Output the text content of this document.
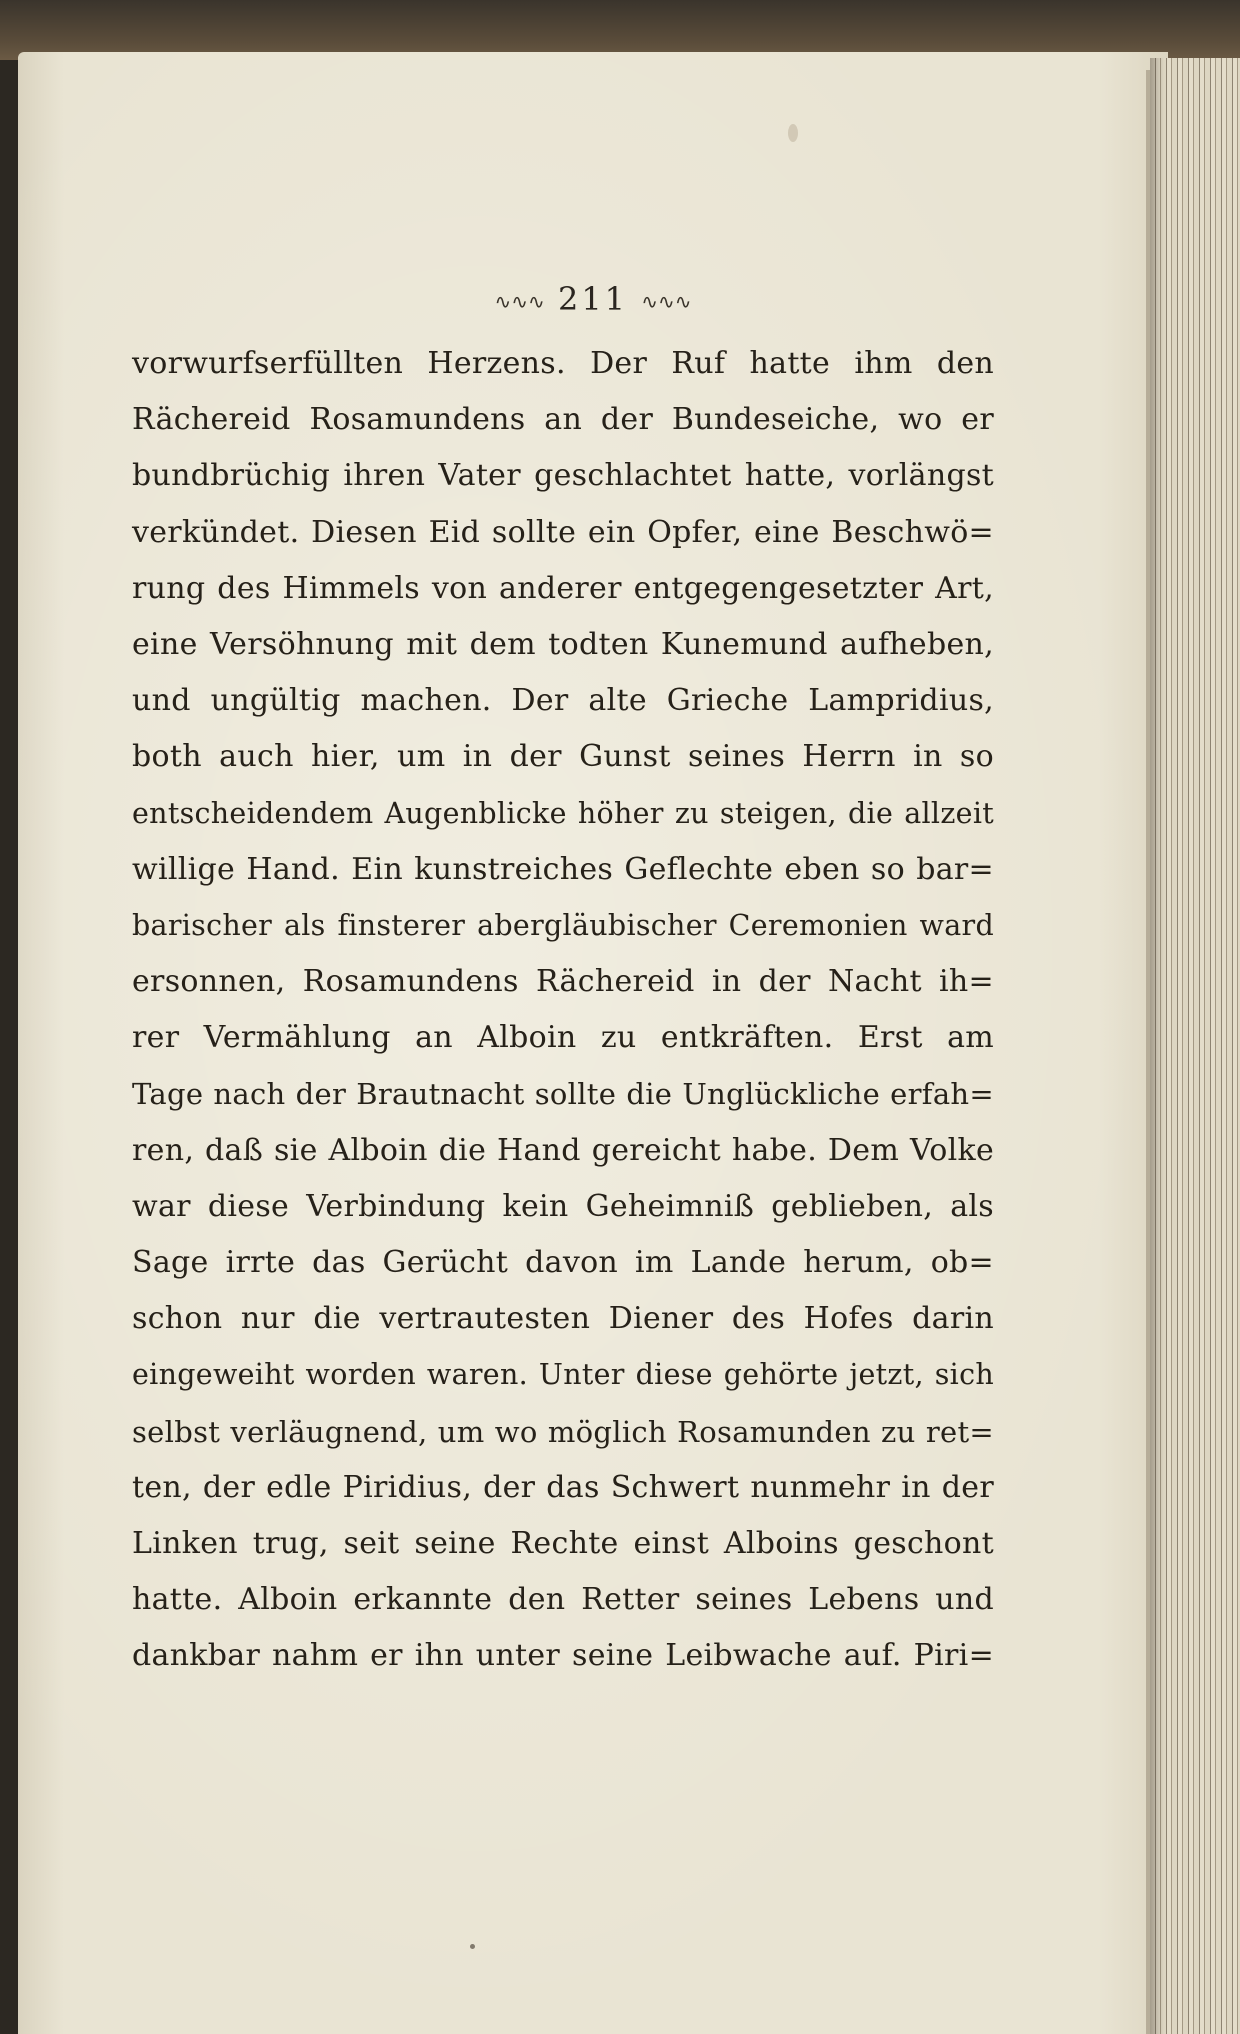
∿∿∿ 211 ∿∿∿
vorwurfserfüllten Herzens. Der Ruf hatte ihm den
Rächereid Rosamundens an der Bundeseiche, wo er
bundbrüchig ihren Vater geschlachtet hatte, vorlängst
verkündet. Diesen Eid sollte ein Opfer, eine Beschwö=
rung des Himmels von anderer entgegengesetzter Art,
eine Versöhnung mit dem todten Kunemund aufheben,
und ungültig machen. Der alte Grieche Lampridius,
both auch hier, um in der Gunst seines Herrn in so
entscheidendem Augenblicke höher zu steigen, die allzeit
willige Hand. Ein kunstreiches Geflechte eben so bar=
barischer als finsterer abergläubischer Ceremonien ward
ersonnen, Rosamundens Rächereid in der Nacht ih=
rer Vermählung an Alboin zu entkräften. Erst am
Tage nach der Brautnacht sollte die Unglückliche erfah=
ren, daß sie Alboin die Hand gereicht habe. Dem Volke
war diese Verbindung kein Geheimniß geblieben, als
Sage irrte das Gerücht davon im Lande herum, ob=
schon nur die vertrautesten Diener des Hofes darin
eingeweiht worden waren. Unter diese gehörte jetzt, sich
selbst verläugnend, um wo möglich Rosamunden zu ret=
ten, der edle Piridius, der das Schwert nunmehr in der
Linken trug, seit seine Rechte einst Alboins geschont
hatte. Alboin erkannte den Retter seines Lebens und
dankbar nahm er ihn unter seine Leibwache auf. Piri=
